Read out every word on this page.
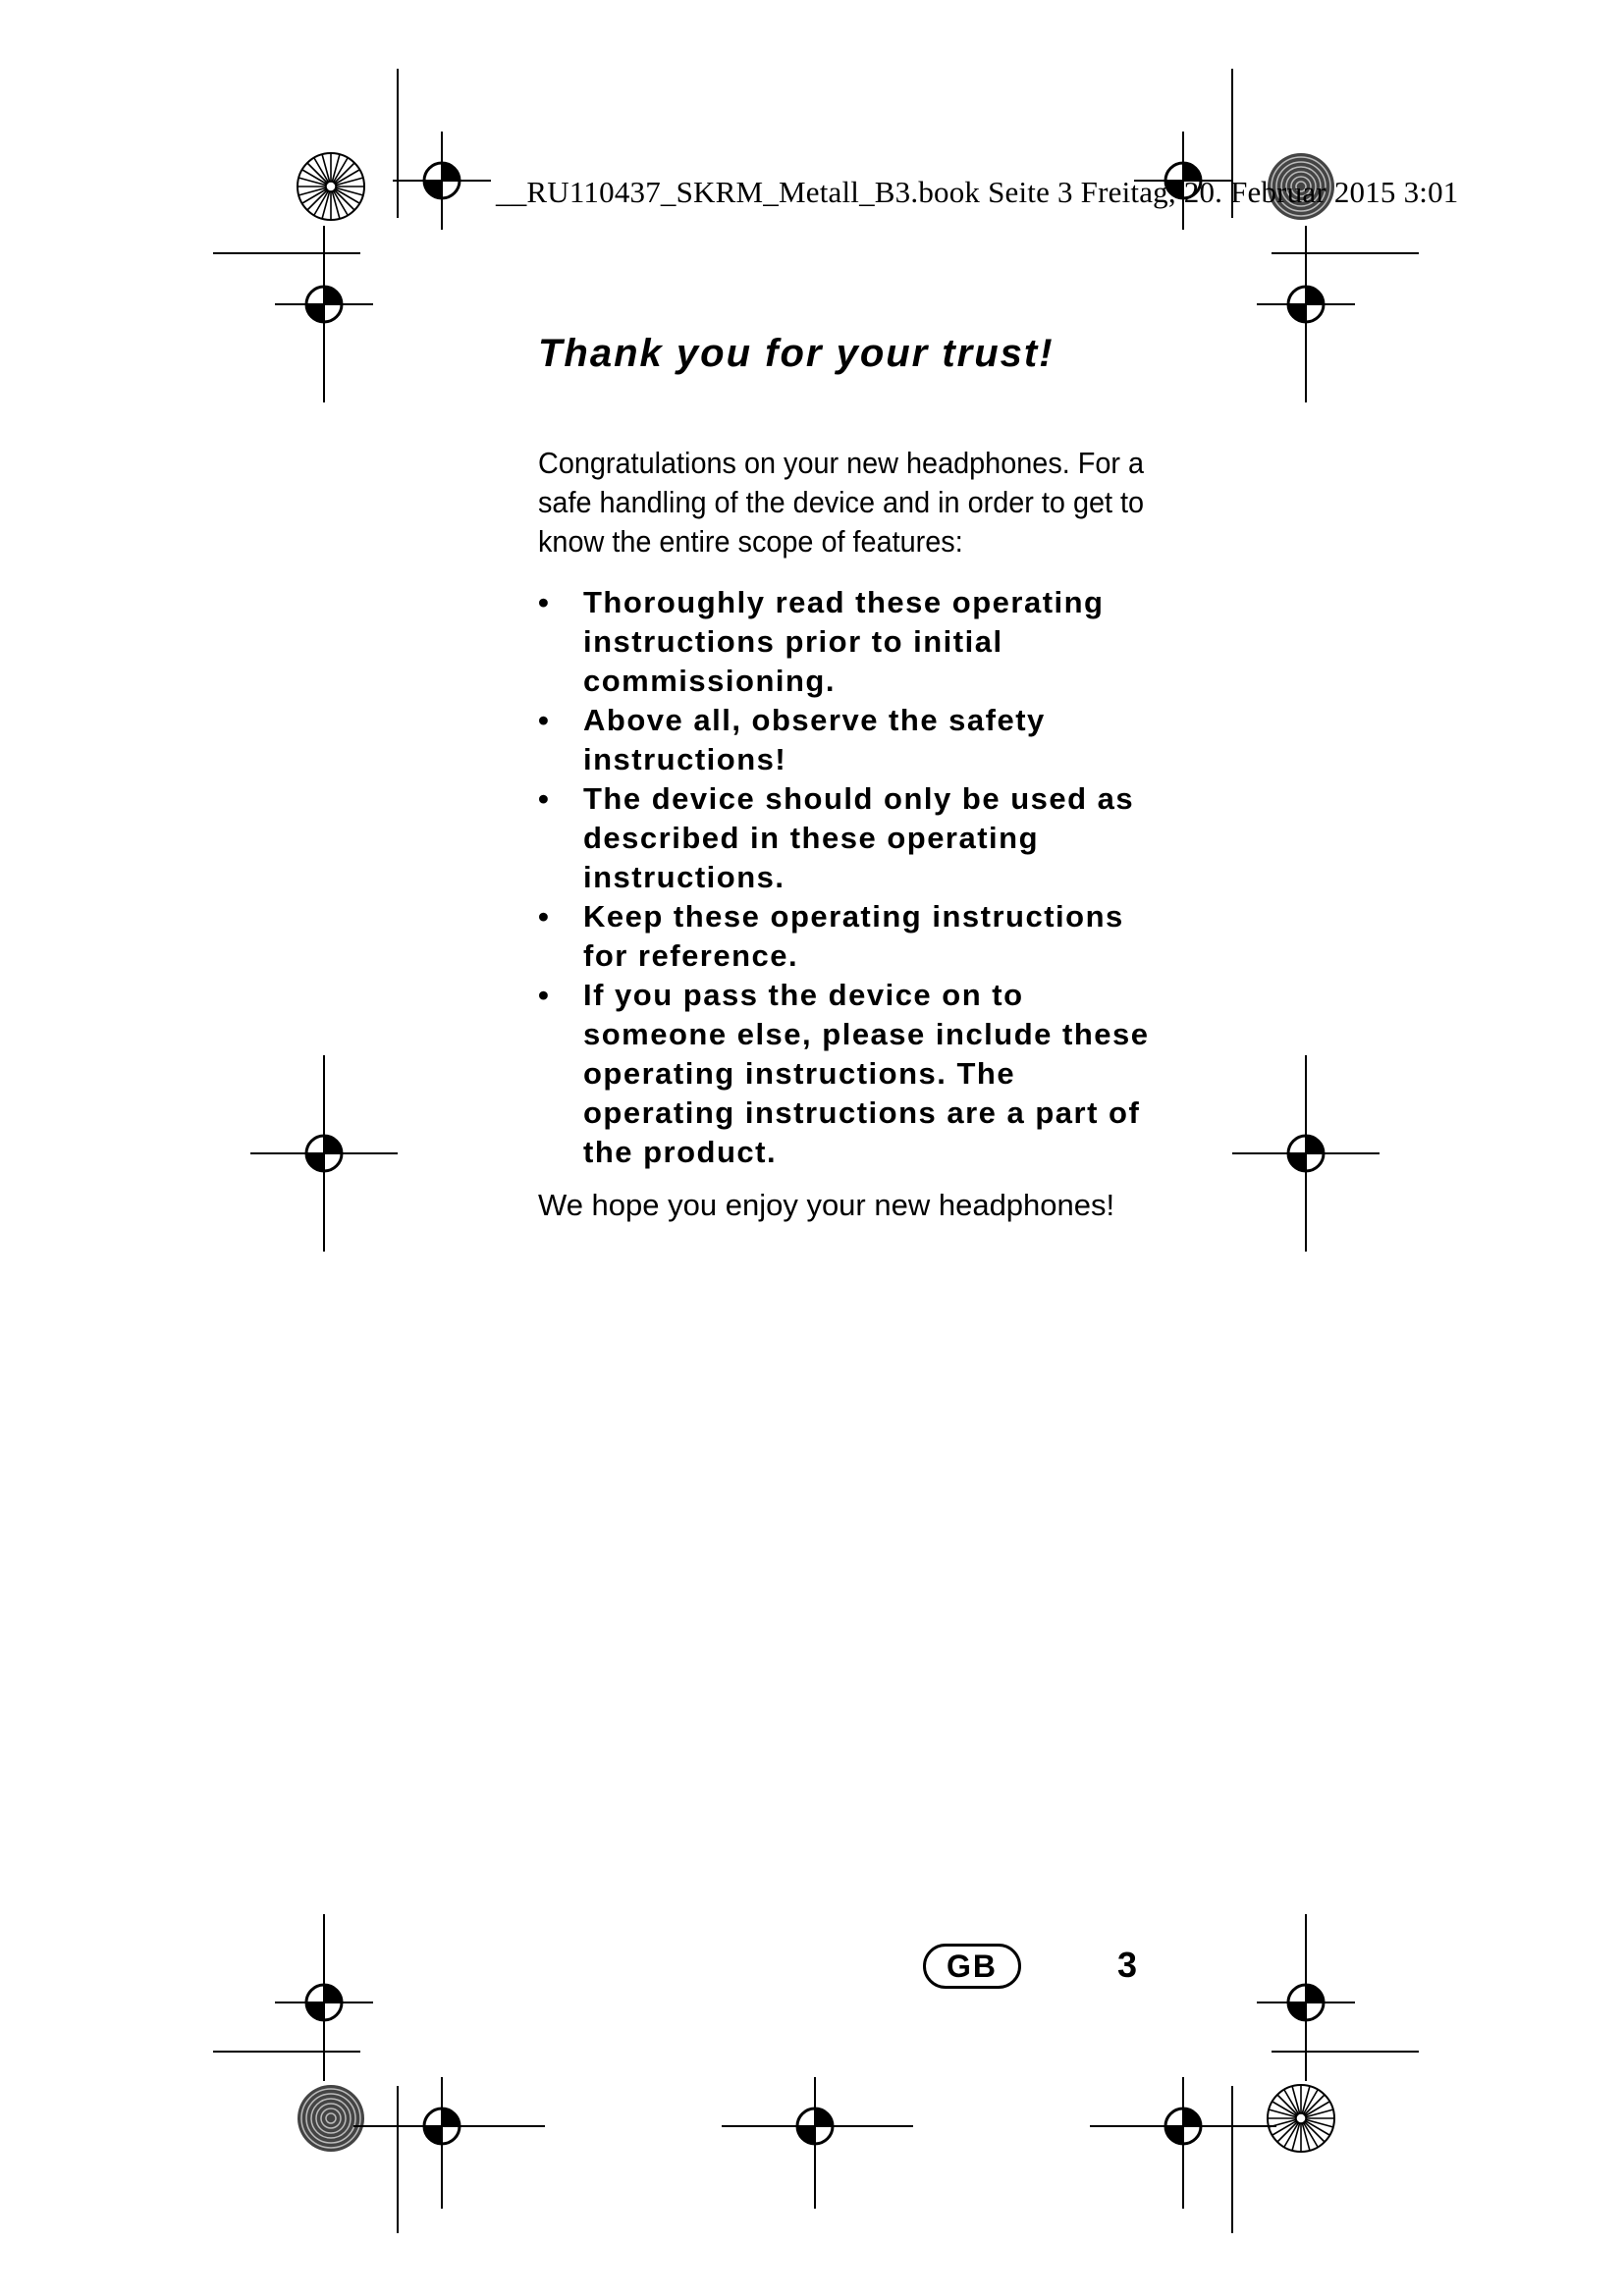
__RU110437_SKRM_Metall_B3.book Seite 3 Freitag, 20. Februar 2015 3:01
Thank you for your trust!

Congratulations on your new headphones. For a safe handling of the device and in order to get to know the entire scope of features:

• Thoroughly read these operating instructions prior to initial commissioning.
• Above all, observe the safety instructions!
• The device should only be used as described in these operating instructions.
• Keep these operating instructions for reference.
• If you pass the device on to someone else, please include these operating instructions. The operating instructions are a part of the product.

We hope you enjoy your new headphones!

GB	3
